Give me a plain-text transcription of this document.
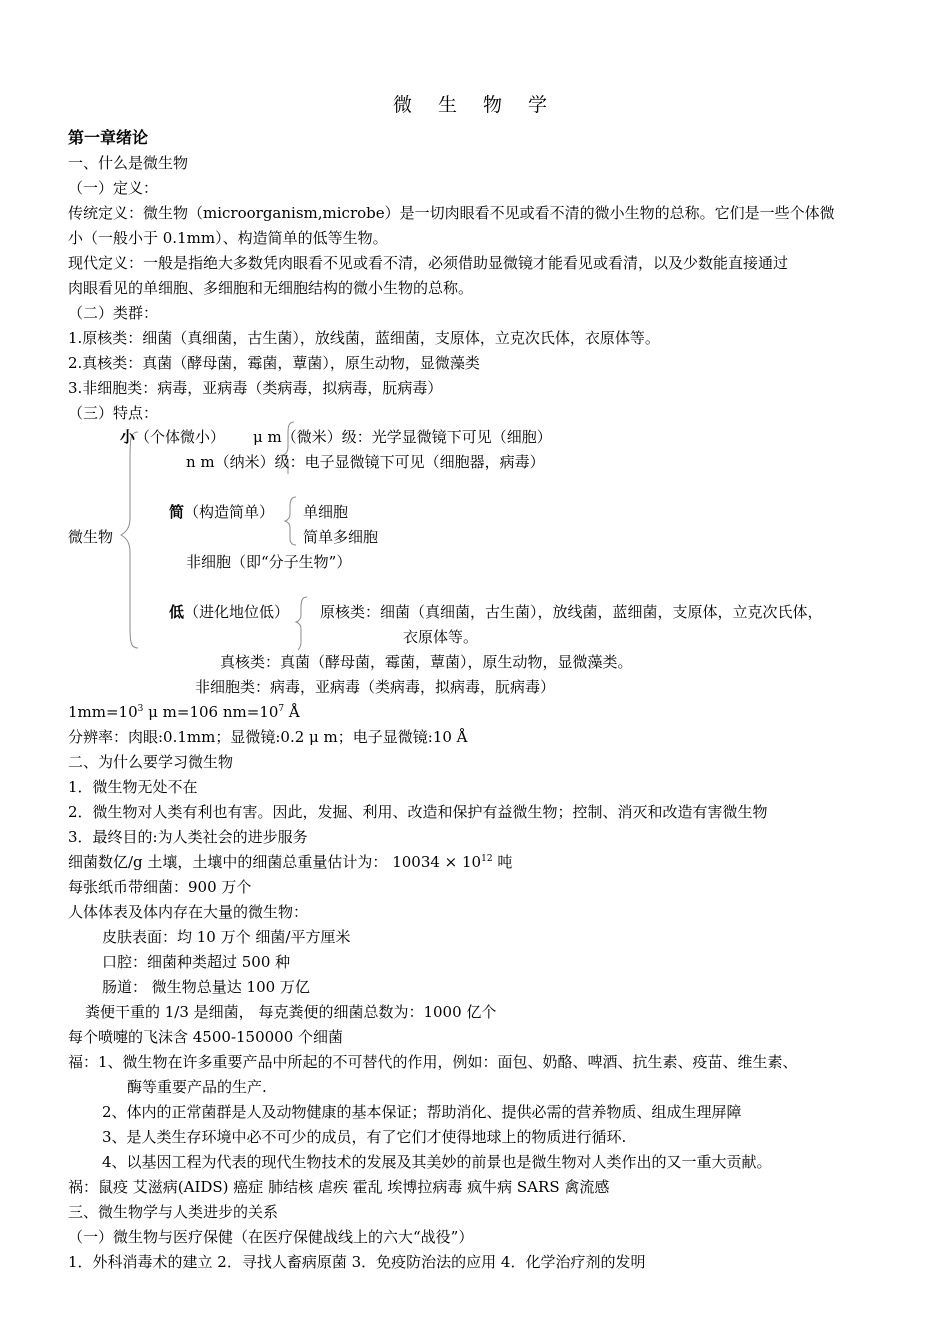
微 生 物 学
第一章绪论
一、什么是微生物
（一）定义：
传统定义：微生物（microorganism,microbe）是一切肉眼看不见或看不清的微小生物的总称。它们是一些个体微
小（一般小于 0.1mm）、构造简单的低等生物。
现代定义：一般是指绝大多数凭肉眼看不见或看不清，必须借助显微镜才能看见或看清，以及少数能直接通过
肉眼看见的单细胞、多细胞和无细胞结构的微小生物的总称。
（二）类群：
1.原核类：细菌（真细菌，古生菌），放线菌，蓝细菌，支原体，立克次氏体，衣原体等。
2.真核类：真菌（酵母菌，霉菌，蕈菌），原生动物，显微藻类
3.非细胞类：病毒，亚病毒（类病毒，拟病毒，朊病毒）
（三）特点：
小（个体微小） μ m（微米）级：光学显微镜下可见（细胞）
n m（纳米）级：电子显微镜下可见（细胞器，病毒）
简（构造简单） 单细胞
微生物	简单多细胞
非细胞（即“分子生物”）
低（进化地位低） 原核类：细菌（真细菌，古生菌），放线菌，蓝细菌，支原体，立克次氏体，
衣原体等。
真核类：真菌（酵母菌，霉菌，蕈菌），原生动物，显微藻类。
非细胞类：病毒，亚病毒（类病毒，拟病毒，朊病毒）
$1mm=10^3$ μ m=106 $nm=10^7$ Å
分辨率：肉眼:0.1mm；显微镜:0.2 μ m；电子显微镜:10 Å
二、为什么要学习微生物
1．微生物无处不在
2．微生物对人类有利也有害。因此，发掘、利用、改造和保护有益微生物；控制、消灭和改造有害微生物
3．最终目的:为人类社会的进步服务
细菌数亿/g 土壤，土壤中的细菌总重量估计为： $10034 \times 10^{12}$ 吨
每张纸币带细菌：900 万个
人体体表及体内存在大量的微生物：
皮肤表面：均 10 万个 细菌/平方厘米
口腔：细菌种类超过 500 种
肠道： 微生物总量达 100 万亿
粪便干重的 1/3 是细菌， 每克粪便的细菌总数为：1000 亿个
每个喷嚏的飞沫含 4500-150000 个细菌
福：1、微生物在许多重要产品中所起的不可替代的作用，例如：面包、奶酪、啤酒、抗生素、疫苗、维生素、
酶等重要产品的生产.
2、体内的正常菌群是人及动物健康的基本保证；帮助消化、提供必需的营养物质、组成生理屏障
3、是人类生存环境中必不可少的成员，有了它们才使得地球上的物质进行循环.
4、以基因工程为代表的现代生物技术的发展及其美妙的前景也是微生物对人类作出的又一重大贡献。
祸：鼠疫 艾滋病(AIDS) 癌症 肺结核 虐疾 霍乱 埃博拉病毒 疯牛病 SARS 禽流感
三、微生物学与人类进步的关系
（一）微生物与医疗保健（在医疗保健战线上的六大“战役”）
1．外科消毒术的建立 2．寻找人畜病原菌 3．免疫防治法的应用 4．化学治疗剂的发明
